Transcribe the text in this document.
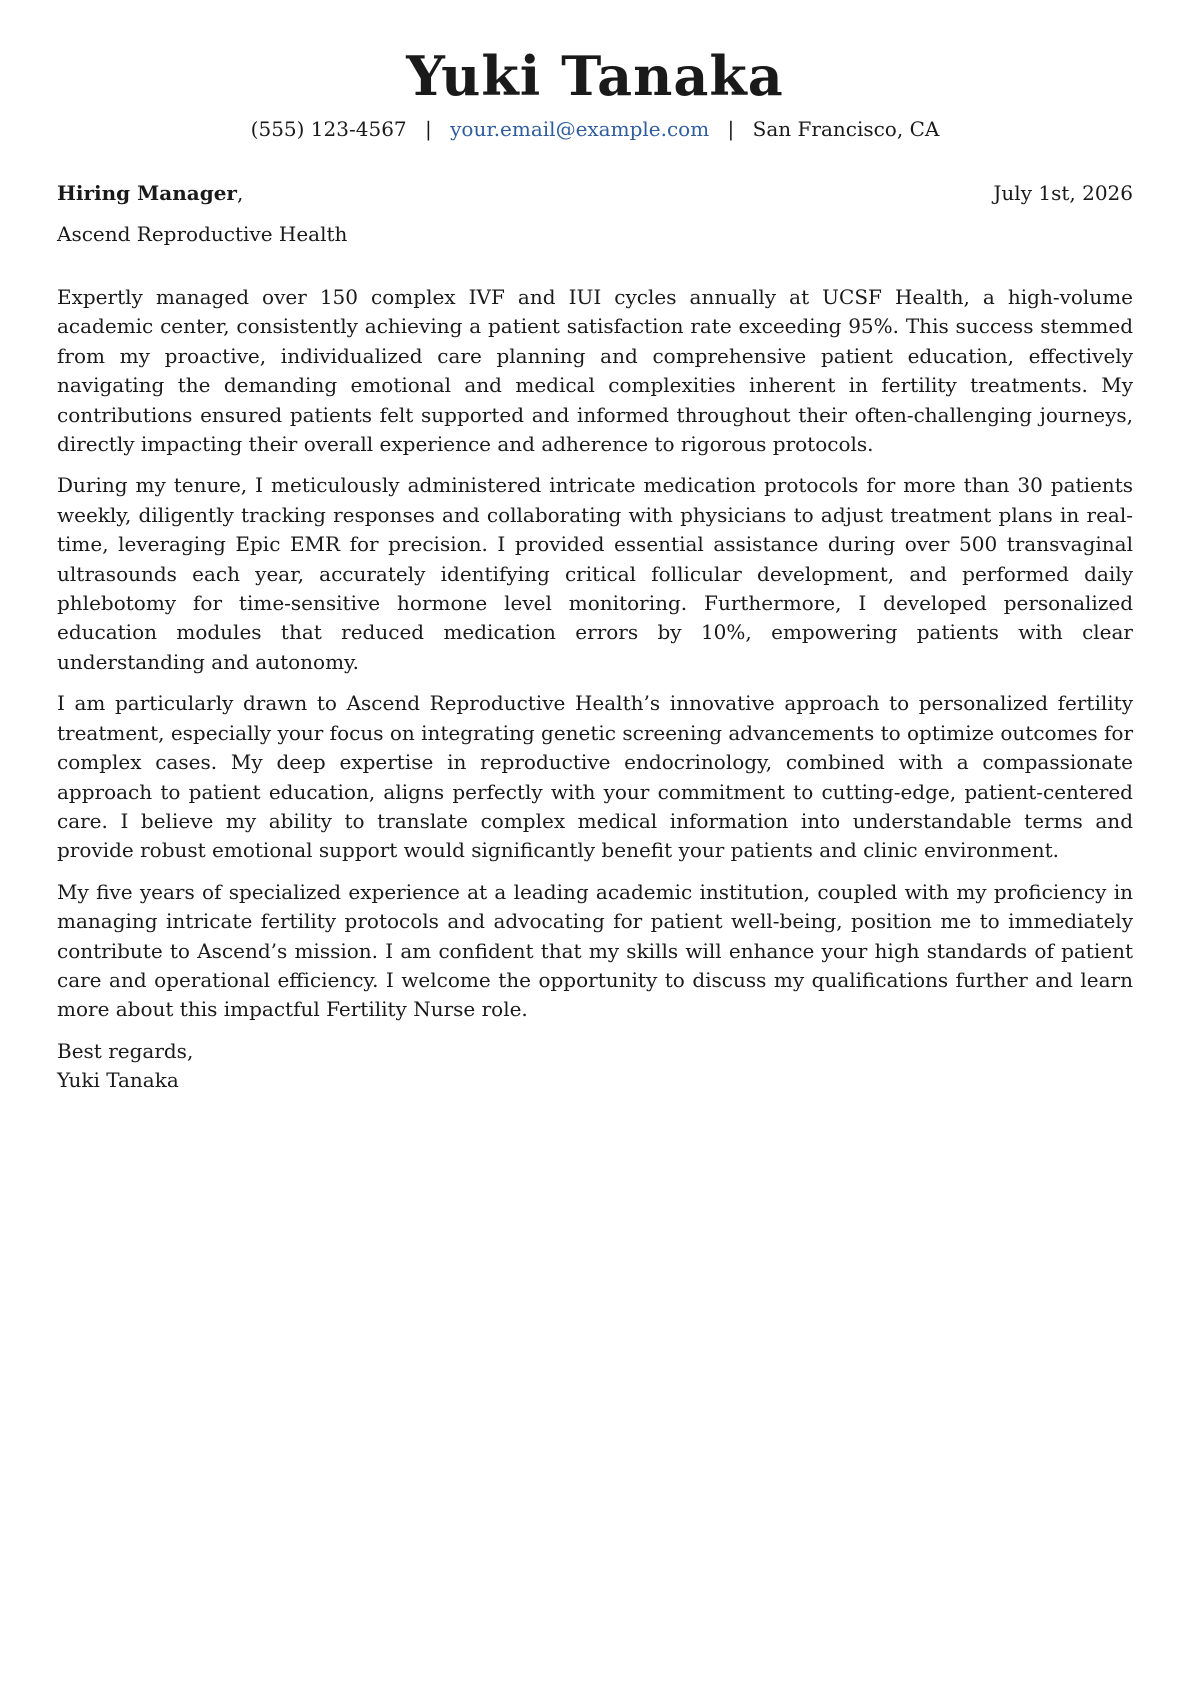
Yuki Tanaka
(555) 123-4567 | your.email@example.com | San Francisco, CA
Hiring Manager,	July 1st, 2026
Ascend Reproductive Health

Expertly managed over 150 complex IVF and IUI cycles annually at UCSF Health, a high-volume academic center, consistently achieving a patient satisfaction rate exceeding 95%. This success stemmed from my proactive, individualized care planning and comprehensive patient education, effectively navigating the demanding emotional and medical complexities inherent in fertility treatments. My contributions ensured patients felt supported and informed throughout their often-challenging journeys, directly impacting their overall experience and adherence to rigorous protocols.

During my tenure, I meticulously administered intricate medication protocols for more than 30 patients weekly, diligently tracking responses and collaborating with physicians to adjust treatment plans in real-time, leveraging Epic EMR for precision. I provided essential assistance during over 500 transvaginal ultrasounds each year, accurately identifying critical follicular development, and performed daily phlebotomy for time-sensitive hormone level monitoring. Furthermore, I developed personalized education modules that reduced medication errors by 10%, empowering patients with clear understanding and autonomy.

I am particularly drawn to Ascend Reproductive Health’s innovative approach to personalized fertility treatment, especially your focus on integrating genetic screening advancements to optimize outcomes for complex cases. My deep expertise in reproductive endocrinology, combined with a compassionate approach to patient education, aligns perfectly with your commitment to cutting-edge, patient-centered care. I believe my ability to translate complex medical information into understandable terms and provide robust emotional support would significantly benefit your patients and clinic environment.

My five years of specialized experience at a leading academic institution, coupled with my proficiency in managing intricate fertility protocols and advocating for patient well-being, position me to immediately contribute to Ascend’s mission. I am confident that my skills will enhance your high standards of patient care and operational efficiency. I welcome the opportunity to discuss my qualifications further and learn more about this impactful Fertility Nurse role.

Best regards,
Yuki Tanaka
